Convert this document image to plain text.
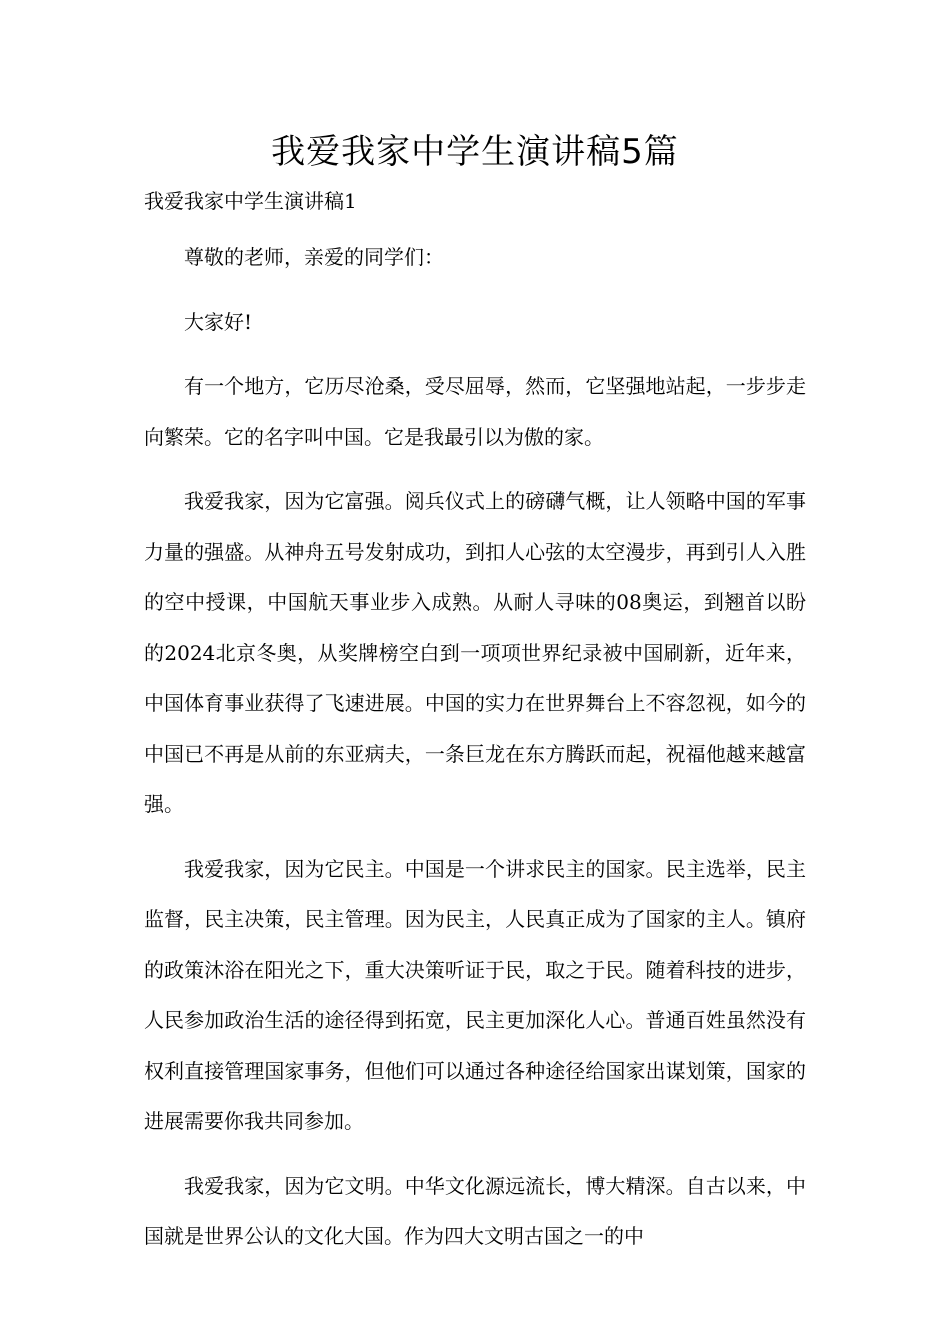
我爱我家中学生演讲稿5篇

我爱我家中学生演讲稿1

尊敬的老师，亲爱的同学们：

大家好!

有一个地方，它历尽沧桑，受尽屈辱，然而，它坚强地站起，一步步走向繁荣。它的名字叫中国。它是我最引以为傲的家。

我爱我家，因为它富强。阅兵仪式上的磅礴气概，让人领略中国的军事力量的强盛。从神舟五号发射成功，到扣人心弦的太空漫步，再到引人入胜的空中授课，中国航天事业步入成熟。从耐人寻味的08奥运，到翘首以盼的2024北京冬奥，从奖牌榜空白到一项项世界纪录被中国刷新，近年来，中国体育事业获得了飞速进展。中国的实力在世界舞台上不容忽视，如今的中国已不再是从前的东亚病夫，一条巨龙在东方腾跃而起，祝福他越来越富强。

我爱我家，因为它民主。中国是一个讲求民主的国家。民主选举，民主监督，民主决策，民主管理。因为民主，人民真正成为了国家的主人。镇府的政策沐浴在阳光之下，重大决策听证于民，取之于民。随着科技的进步，人民参加政治生活的途径得到拓宽，民主更加深化人心。普通百姓虽然没有权利直接管理国家事务，但他们可以通过各种途径给国家出谋划策，国家的进展需要你我共同参加。

我爱我家，因为它文明。中华文化源远流长，博大精深。自古以来，中国就是世界公认的文化大国。作为四大文明古国之一的中
